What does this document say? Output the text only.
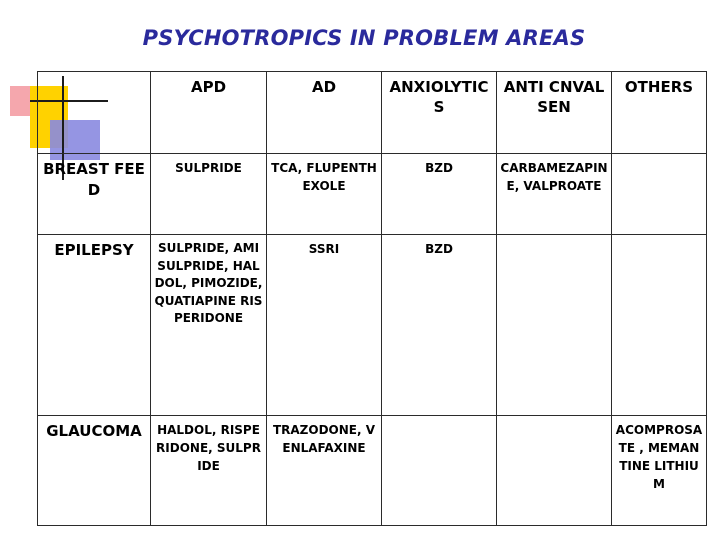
PSYCHOTROPICS IN PROBLEM AREAS
	APD	AD	ANXIOLYTICS	ANTI CNVALSEN	OTHERS
BREAST FEED	SULPRIDE	TCA, FLUPENTHEXOLE	BZD	CARBAMEZAPINE, VALPROATE	
EPILEPSY	SULPRIDE, AMISULPRIDE, HALDOL, PIMOZIDE, QUATIAPINE RISPERIDONE	SSRI	BZD		
GLAUCOMA	HALDOL, RISPERIDONE, SULPRIDE	TRAZODONE, VENLAFAXINE			ACOMPROSATE , MEMANTINE LITHIUM
